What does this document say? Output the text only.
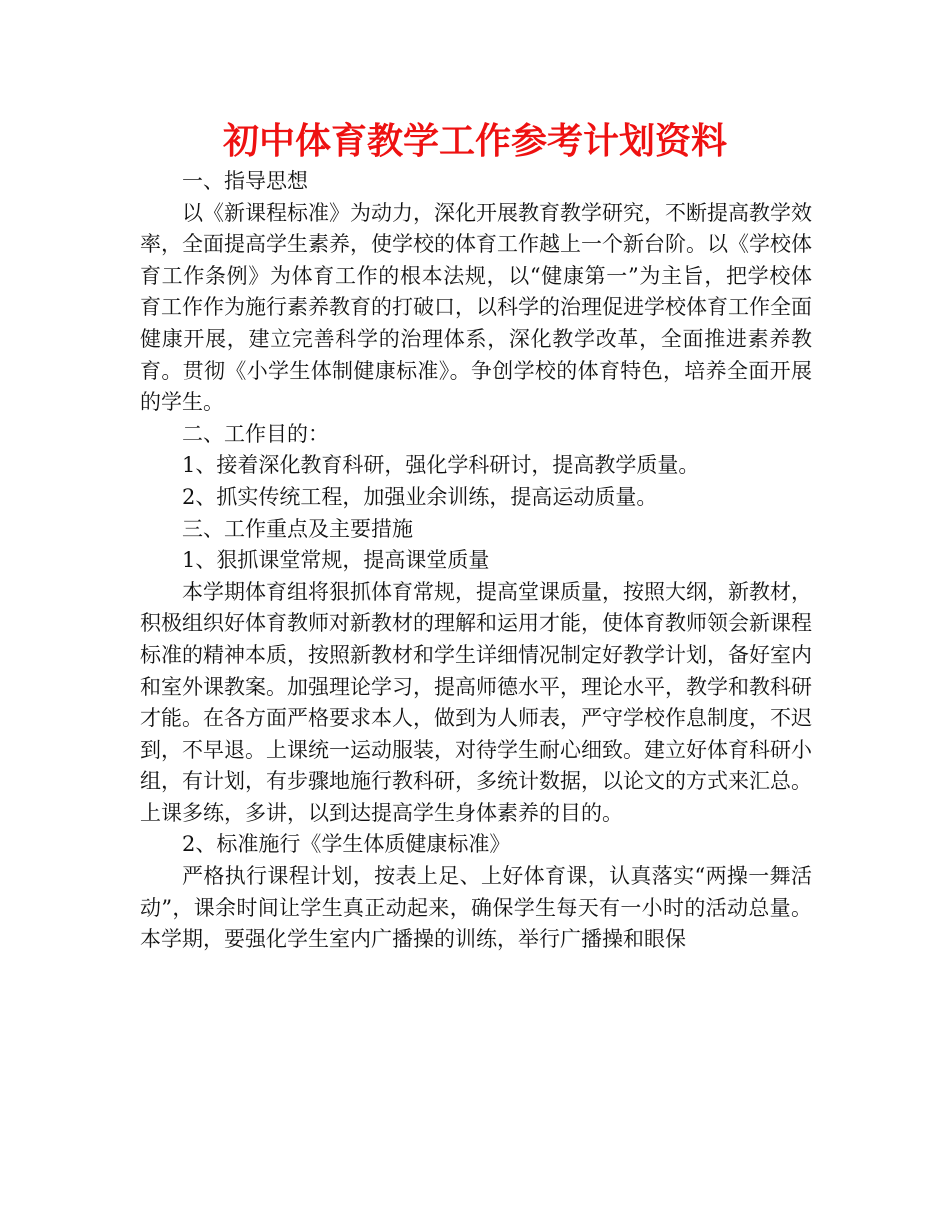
初中体育教学工作参考计划资料

一、指导思想

以《新课程标准》为动力，深化开展教育教学研究，不断提高教学效率，全面提高学生素养，使学校的体育工作越上一个新台阶。以《学校体育工作条例》为体育工作的根本法规，以“健康第一”为主旨，把学校体育工作作为施行素养教育的打破口，以科学的治理促进学校体育工作全面健康开展，建立完善科学的治理体系，深化教学改革，全面推进素养教育。贯彻《小学生体制健康标准》。争创学校的体育特色，培养全面开展的学生。

二、工作目的：

1、接着深化教育科研，强化学科研讨，提高教学质量。

2、抓实传统工程，加强业余训练，提高运动质量。

三、工作重点及主要措施

1、狠抓课堂常规，提高课堂质量

本学期体育组将狠抓体育常规，提高堂课质量，按照大纲，新教材，积极组织好体育教师对新教材的理解和运用才能，使体育教师领会新课程标准的精神本质，按照新教材和学生详细情况制定好教学计划，备好室内和室外课教案。加强理论学习，提高师德水平，理论水平，教学和教科研才能。在各方面严格要求本人，做到为人师表，严守学校作息制度，不迟到，不早退。上课统一运动服装，对待学生耐心细致。建立好体育科研小组，有计划，有步骤地施行教科研，多统计数据，以论文的方式来汇总。上课多练，多讲，以到达提高学生身体素养的目的。

2、标准施行《学生体质健康标准》

严格执行课程计划，按表上足、上好体育课，认真落实“两操一舞活动”，课余时间让学生真正动起来，确保学生每天有一小时的活动总量。本学期，要强化学生室内广播操的训练，举行广播操和眼保
